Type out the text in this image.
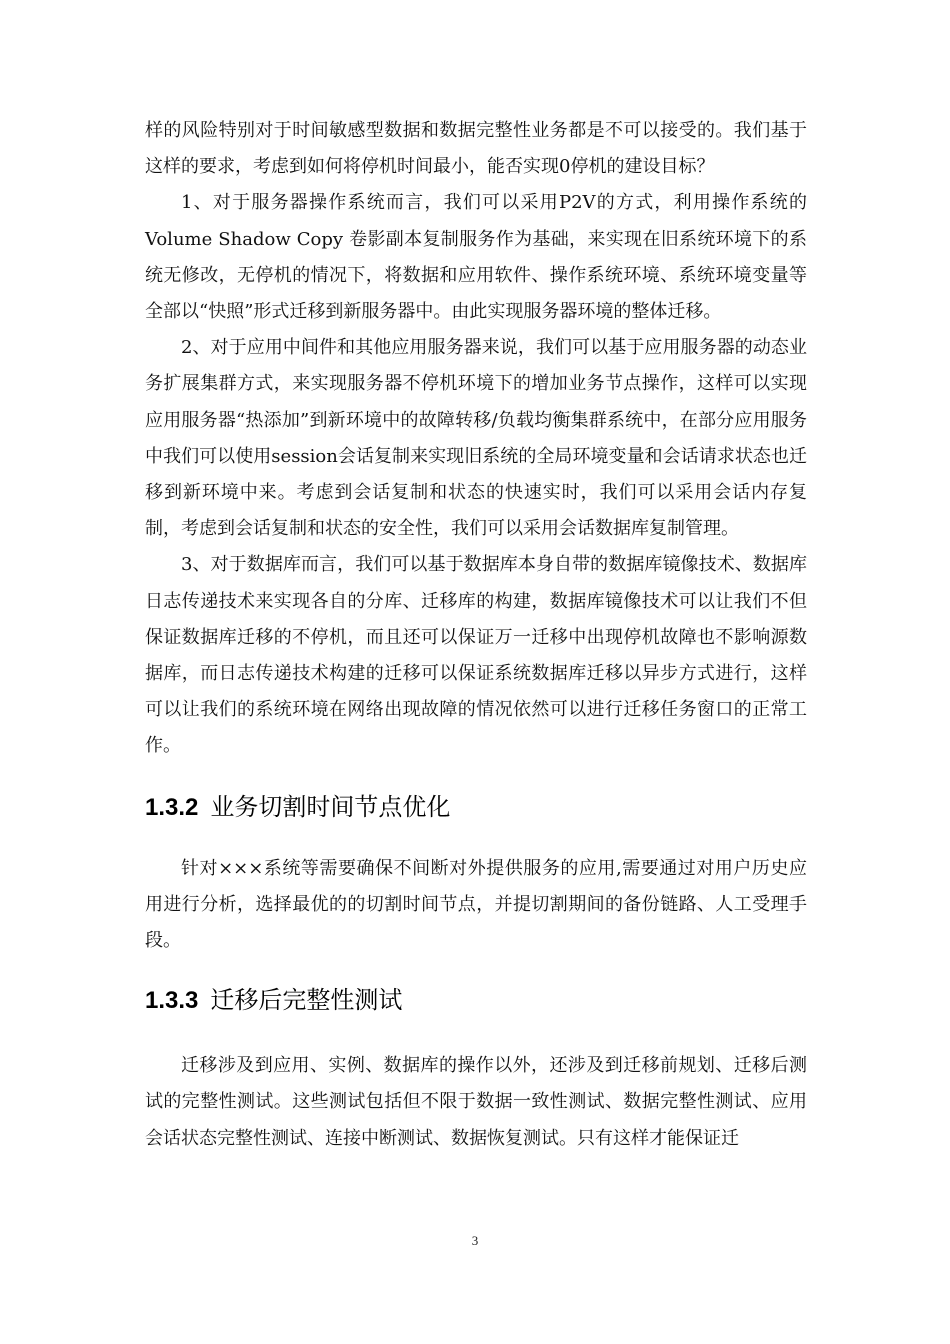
样的风险特别对于时间敏感型数据和数据完整性业务都是不可以接受的。我们基于这样的要求，考虑到如何将停机时间最小，能否实现0停机的建设目标？

1、对于服务器操作系统而言，我们可以采用P2V的方式，利用操作系统的Volume Shadow Copy 卷影副本复制服务作为基础，来实现在旧系统环境下的系统无修改，无停机的情况下，将数据和应用软件、操作系统环境、系统环境变量等全部以“快照”形式迁移到新服务器中。由此实现服务器环境的整体迁移。

2、对于应用中间件和其他应用服务器来说，我们可以基于应用服务器的动态业务扩展集群方式，来实现服务器不停机环境下的增加业务节点操作，这样可以实现应用服务器“热添加”到新环境中的故障转移/负载均衡集群系统中，在部分应用服务中我们可以使用session会话复制来实现旧系统的全局环境变量和会话请求状态也迁移到新环境中来。考虑到会话复制和状态的快速实时，我们可以采用会话内存复制，考虑到会话复制和状态的安全性，我们可以采用会话数据库复制管理。

3、对于数据库而言，我们可以基于数据库本身自带的数据库镜像技术、数据库日志传递技术来实现各自的分库、迁移库的构建，数据库镜像技术可以让我们不但保证数据库迁移的不停机，而且还可以保证万一迁移中出现停机故障也不影响源数据库，而日志传递技术构建的迁移可以保证系统数据库迁移以异步方式进行，这样可以让我们的系统环境在网络出现故障的情况依然可以进行迁移任务窗口的正常工作。

1.3.2 业务切割时间节点优化

针对×××系统等需要确保不间断对外提供服务的应用,需要通过对用户历史应用进行分析，选择最优的的切割时间节点，并提切割期间的备份链路、人工受理手段。

1.3.3 迁移后完整性测试

迁移涉及到应用、实例、数据库的操作以外，还涉及到迁移前规划、迁移后测试的完整性测试。这些测试包括但不限于数据一致性测试、数据完整性测试、应用会话状态完整性测试、连接中断测试、数据恢复测试。只有这样才能保证迁

3
